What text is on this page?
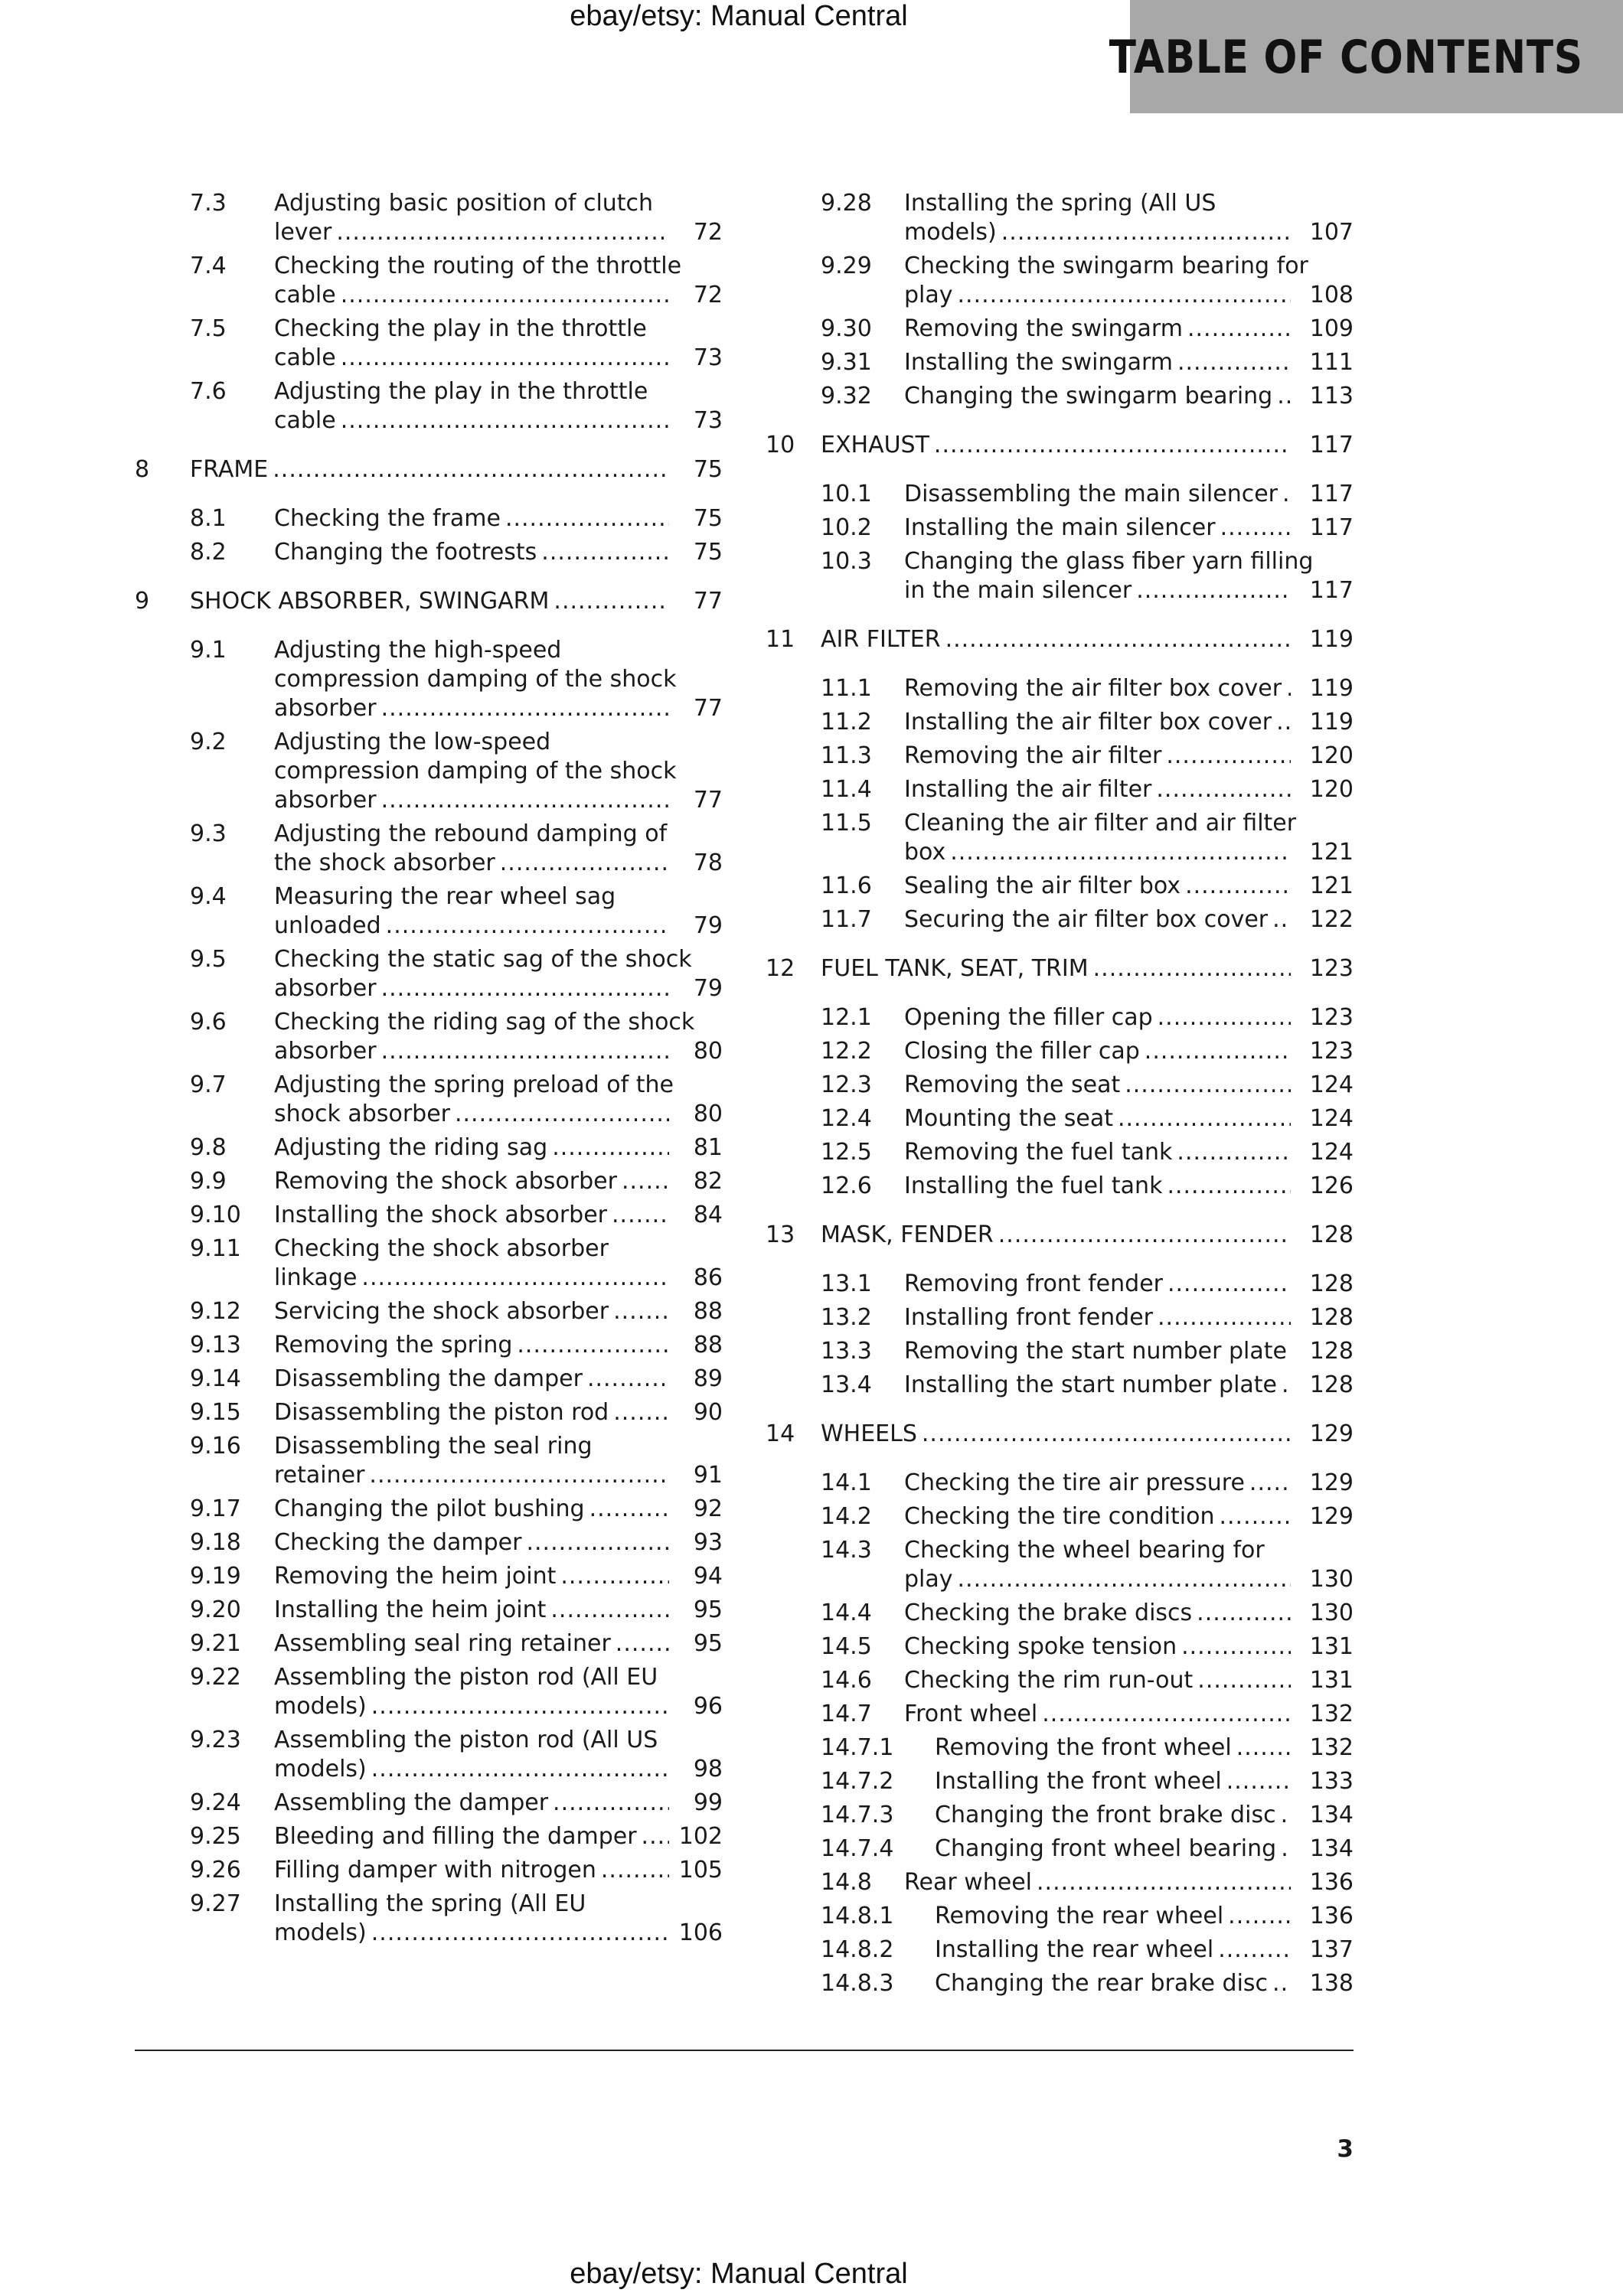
ebay/etsy: Manual Central
TABLE OF CONTENTS
7.3 Adjusting basic position of clutch
lever .....	72
7.4 Checking the routing of the throttle
cable .....	72
7.5 Checking the play in the throttle
cable .....	73
7.6 Adjusting the play in the throttle
cable .....	73
8 FRAME .....	75
8.1 Checking the frame .....	75
8.2 Changing the footrests .....	75
9 SHOCK ABSORBER, SWINGARM .....	77
9.1 Adjusting the high-speed
compression damping of the shock
absorber .....	77
9.2 Adjusting the low-speed
compression damping of the shock
absorber .....	77
9.3 Adjusting the rebound damping of
the shock absorber .....	78
9.4 Measuring the rear wheel sag
unloaded .....	79
9.5 Checking the static sag of the shock
absorber .....	79
9.6 Checking the riding sag of the shock
absorber .....	80
9.7 Adjusting the spring preload of the
shock absorber .....	80
9.8 Adjusting the riding sag .....	81
9.9 Removing the shock absorber .....	82
9.10 Installing the shock absorber .....	84
9.11 Checking the shock absorber
linkage .....	86
9.12 Servicing the shock absorber .....	88
9.13 Removing the spring .....	88
9.14 Disassembling the damper .....	89
9.15 Disassembling the piston rod .....	90
9.16 Disassembling the seal ring
retainer .....	91
9.17 Changing the pilot bushing .....	92
9.18 Checking the damper .....	93
9.19 Removing the heim joint .....	94
9.20 Installing the heim joint .....	95
9.21 Assembling seal ring retainer .....	95
9.22 Assembling the piston rod (All EU
models) .....	96
9.23 Assembling the piston rod (All US
models) .....	98
9.24 Assembling the damper .....	99
9.25 Bleeding and filling the damper ..... 102
9.26 Filling damper with nitrogen .....	105
9.27 Installing the spring (All EU
models) .....	106
9.28 Installing the spring (All US
models) .....	107
9.29 Checking the swingarm bearing for
play .....	108
9.30 Removing the swingarm .....	109
9.31 Installing the swingarm .....	111
9.32 Changing the swingarm bearing .....	113
10 EXHAUST .....	117
10.1 Disassembling the main silencer .....	117
10.2 Installing the main silencer .....	117
10.3 Changing the glass fiber yarn filling
in the main silencer .....	117
11 AIR FILTER .....	119
11.1 Removing the air filter box cover .....	119
11.2 Installing the air filter box cover .....	119
11.3 Removing the air filter .....	120
11.4 Installing the air filter .....	120
11.5 Cleaning the air filter and air filter
box .....	121
11.6 Sealing the air filter box .....	121
11.7 Securing the air filter box cover .....	122
12 FUEL TANK, SEAT, TRIM .....	123
12.1 Opening the filler cap .....	123
12.2 Closing the filler cap .....	123
12.3 Removing the seat .....	124
12.4 Mounting the seat .....	124
12.5 Removing the fuel tank .....	124
12.6 Installing the fuel tank .....	126
13 MASK, FENDER .....	128
13.1 Removing front fender .....	128
13.2 Installing front fender .....	128
13.3 Removing the start number plate 128
13.4 Installing the start number plate .....	128
14 WHEELS .....	129
14.1 Checking the tire air pressure .....	129
14.2 Checking the tire condition .....	129
14.3 Checking the wheel bearing for
play .....	130
14.4 Checking the brake discs .....	130
14.5 Checking spoke tension .....	131
14.6 Checking the rim run-out .....	131
14.7 Front wheel .....	132
14.7.1 Removing the front wheel .....	132
14.7.2 Installing the front wheel .....	133
14.7.3 Changing the front brake disc .....	134
14.7.4 Changing front wheel bearing .....	134
14.8 Rear wheel .....	136
14.8.1 Removing the rear wheel .....	136
14.8.2 Installing the rear wheel .....	137
14.8.3 Changing the rear brake disc .....	138
3
ebay/etsy: Manual Central
